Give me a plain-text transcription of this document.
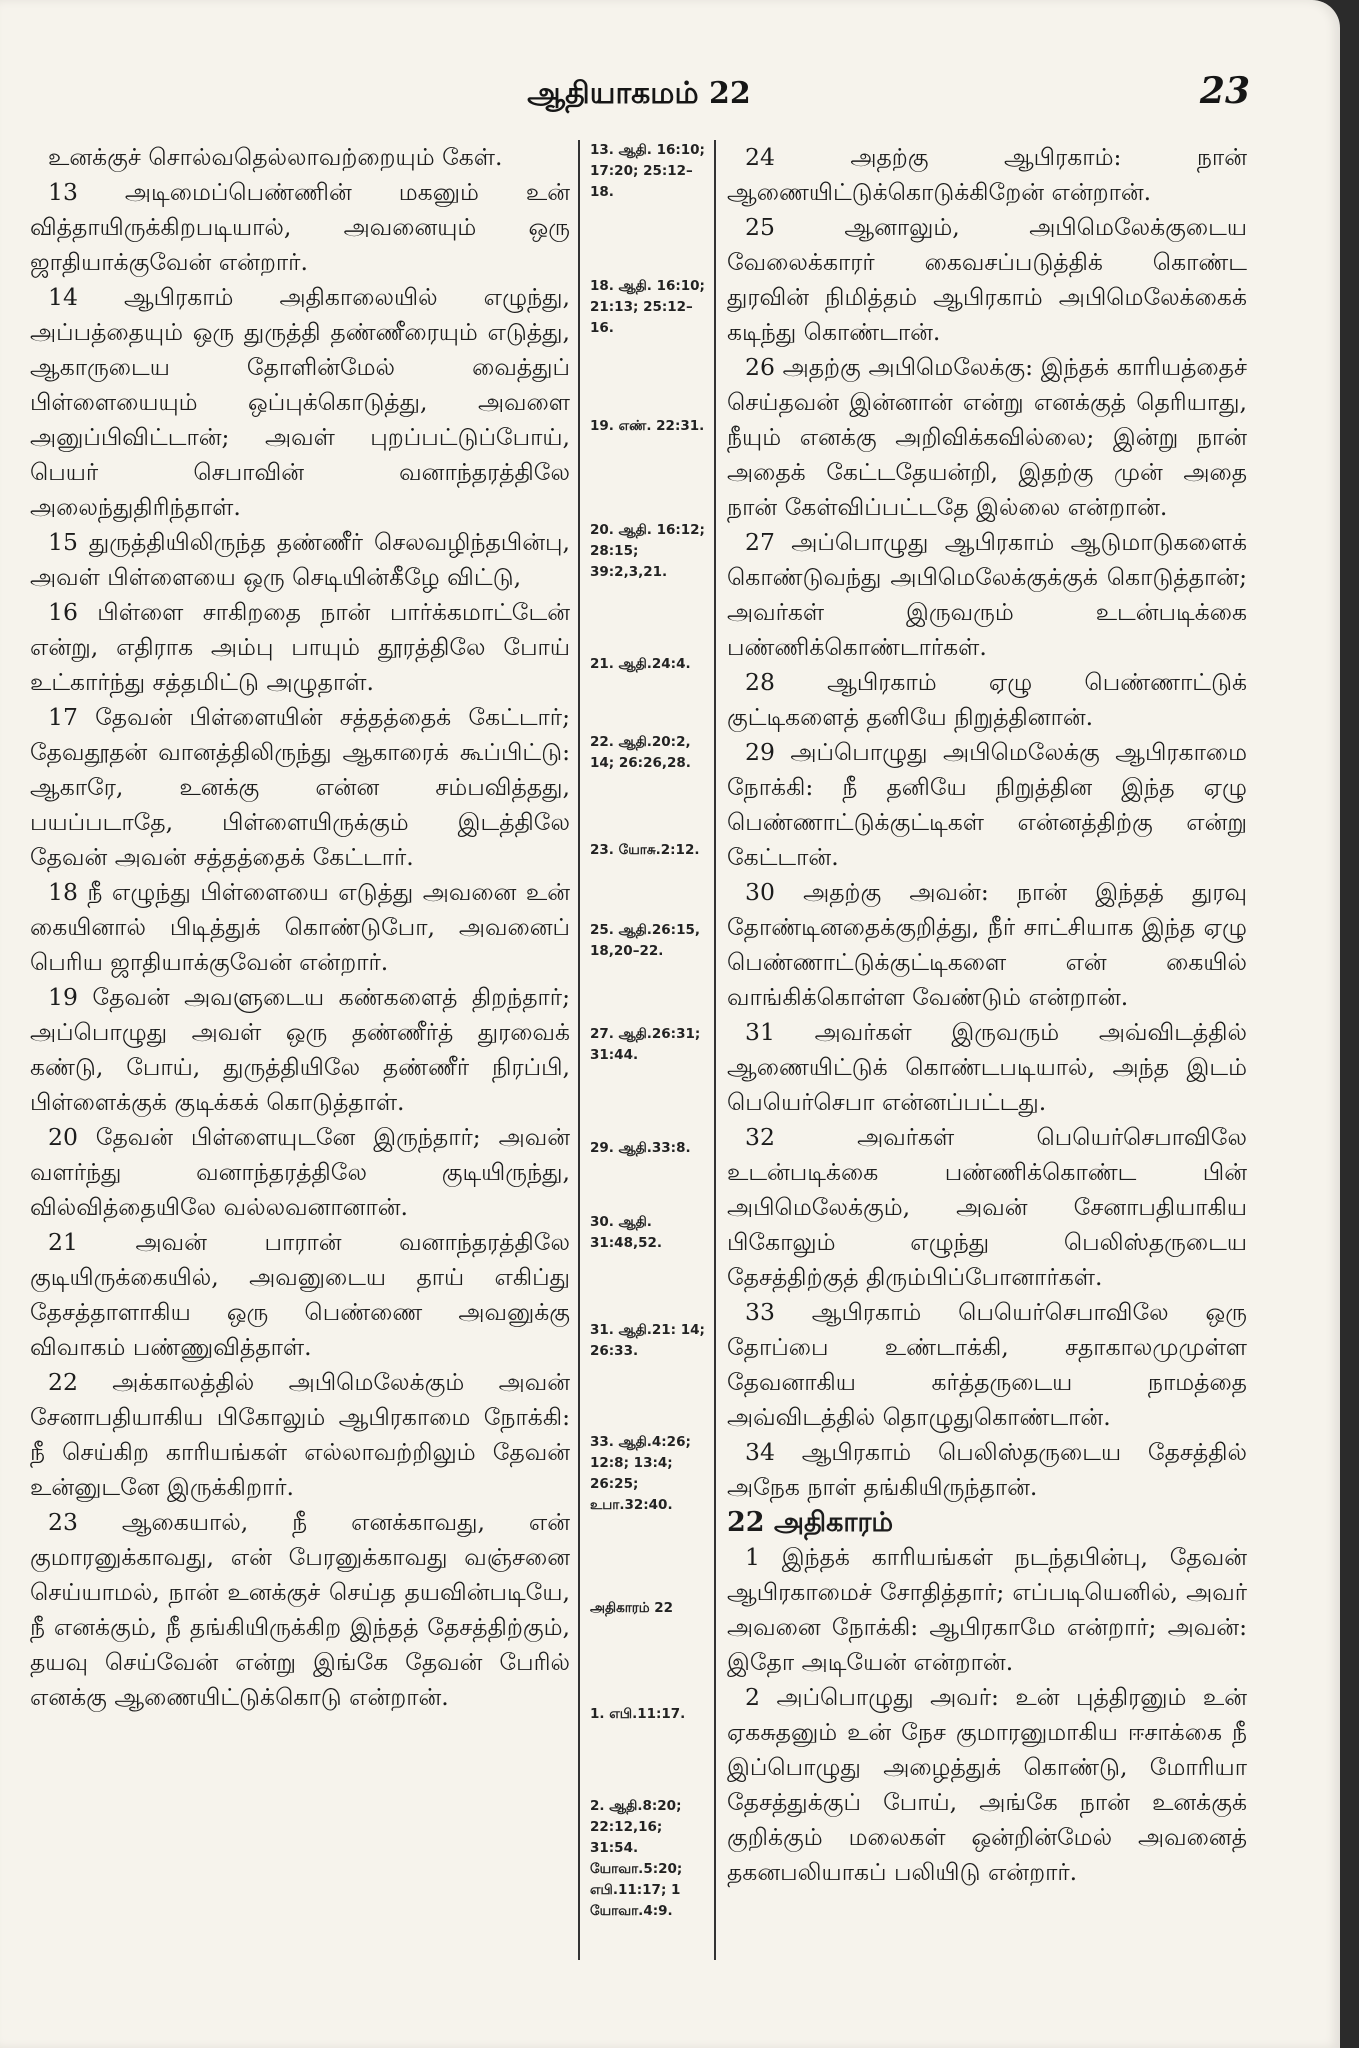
ஆதியாகமம் 22	23

உனக்குச் சொல்வதெல்லாவற்றையும் கேள்.

13 அடிமைப்பெண்ணின் மகனும் உன் வித்தாயிருக்கிறபடியால், அவனையும் ஒரு ஜாதியாக்குவேன் என்றார்.

14 ஆபிரகாம் அதிகாலையில் எழுந்து, அப்பத்தையும் ஒரு துருத்தி தண்ணீரையும் எடுத்து, ஆகாருடைய தோளின்மேல் வைத்துப் பிள்ளையையும் ஒப்புக்கொடுத்து, அவளை அனுப்பிவிட்டான்; அவள் புறப்பட்டுப்போய், பெயர் செபாவின் வனாந்தரத்திலே அலைந்துதிரிந்தாள்.

15 துருத்தியிலிருந்த தண்ணீர் செலவழிந்தபின்பு, அவள் பிள்ளையை ஒரு செடியின்கீழே விட்டு,

16 பிள்ளை சாகிறதை நான் பார்க்கமாட்டேன் என்று, எதிராக அம்பு பாயும் தூரத்திலே போய் உட்கார்ந்து சத்தமிட்டு அழுதாள்.

17 தேவன் பிள்ளையின் சத்தத்தைக் கேட்டார்; தேவதூதன் வானத்திலிருந்து ஆகாரைக் கூப்பிட்டு: ஆகாரே, உனக்கு என்ன சம்பவித்தது, பயப்படாதே, பிள்ளையிருக்கும் இடத்திலே தேவன் அவன் சத்தத்தைக் கேட்டார்.

18 நீ எழுந்து பிள்ளையை எடுத்து அவனை உன் கையினால் பிடித்துக் கொண்டுபோ, அவனைப் பெரிய ஜாதியாக்குவேன் என்றார்.

19 தேவன் அவளுடைய கண்களைத் திறந்தார்; அப்பொழுது அவள் ஒரு தண்ணீர்த் துரவைக் கண்டு, போய், துருத்தியிலே தண்ணீர் நிரப்பி, பிள்ளைக்குக் குடிக்கக் கொடுத்தாள்.

20 தேவன் பிள்ளையுடனே இருந்தார்; அவன் வளர்ந்து வனாந்தரத்திலே குடியிருந்து, வில்வித்தையிலே வல்லவனானான்.

21 அவன் பாரான் வனாந்தரத்திலே குடியிருக்கையில், அவனுடைய தாய் எகிப்து தேசத்தாளாகிய ஒரு பெண்ணை அவனுக்கு விவாகம் பண்ணுவித்தாள்.

22 அக்காலத்தில் அபிமெலேக்கும் அவன் சேனாபதியாகிய பிகோலும் ஆபிரகாமை நோக்கி: நீ செய்கிற காரியங்கள் எல்லாவற்றிலும் தேவன் உன்னுடனே இருக்கிறார்.

23 ஆகையால், நீ எனக்காவது, என் குமாரனுக்காவது, என் பேரனுக்காவது வஞ்சனை செய்யாமல், நான் உனக்குச் செய்த தயவின்படியே, நீ எனக்கும், நீ தங்கியிருக்கிற இந்தத் தேசத்திற்கும், தயவு செய்வேன் என்று இங்கே தேவன் பேரில் எனக்கு ஆணையிட்டுக்கொடு என்றான்.

13. ஆதி. 16:10; 17:20; 25:12–18.
18. ஆதி. 16:10; 21:13; 25:12–16.
19. எண். 22:31.
20. ஆதி. 16:12; 28:15; 39:2,3,21.
21. ஆதி.24:4.
22. ஆதி.20:2, 14; 26:26,28.
23. யோசு.2:12.
25. ஆதி.26:15, 18,20–22.
27. ஆதி.26:31; 31:44.
29. ஆதி.33:8.
30. ஆதி. 31:48,52.
31. ஆதி.21: 14; 26:33.
33. ஆதி.4:26; 12:8; 13:4; 26:25; உபா.32:40.
அதிகாரம் 22
1. எபி.11:17.
2. ஆதி.8:20; 22:12,16; 31:54. யோவா.5:20; எபி.11:17; 1 யோவா.4:9.

24 அதற்கு ஆபிரகாம்: நான் ஆணையிட்டுக்கொடுக்கிறேன் என்றான்.

25 ஆனாலும், அபிமெலேக்குடைய வேலைக்காரர் கைவசப்படுத்திக் கொண்ட துரவின் நிமித்தம் ஆபிரகாம் அபிமெலேக்கைக் கடிந்து கொண்டான்.

26 அதற்கு அபிமெலேக்கு: இந்தக் காரியத்தைச் செய்தவன் இன்னான் என்று எனக்குத் தெரியாது, நீயும் எனக்கு அறிவிக்கவில்லை; இன்று நான் அதைக் கேட்டதேயன்றி, இதற்கு முன் அதை நான் கேள்விப்பட்டதே இல்லை என்றான்.

27 அப்பொழுது ஆபிரகாம் ஆடுமாடுகளைக் கொண்டுவந்து அபிமெலேக்குக்குக் கொடுத்தான்; அவர்கள் இருவரும் உடன்படிக்கை பண்ணிக்கொண்டார்கள்.

28 ஆபிரகாம் ஏழு பெண்ணாட்டுக் குட்டிகளைத் தனியே நிறுத்தினான்.

29 அப்பொழுது அபிமெலேக்கு ஆபிரகாமை நோக்கி: நீ தனியே நிறுத்தின இந்த ஏழு பெண்ணாட்டுக்குட்டிகள் என்னத்திற்கு என்று கேட்டான்.

30 அதற்கு அவன்: நான் இந்தத் துரவு தோண்டினதைக்குறித்து, நீர் சாட்சியாக இந்த ஏழு பெண்ணாட்டுக்குட்டிகளை என் கையில் வாங்கிக்கொள்ள வேண்டும் என்றான்.

31 அவர்கள் இருவரும் அவ்விடத்தில் ஆணையிட்டுக் கொண்டபடியால், அந்த இடம் பெயெர்செபா என்னப்பட்டது.

32 அவர்கள் பெயெர்செபாவிலே உடன்படிக்கை பண்ணிக்கொண்ட பின் அபிமெலேக்கும், அவன் சேனாபதியாகிய பிகோலும் எழுந்து பெலிஸ்தருடைய தேசத்திற்குத் திரும்பிப்போனார்கள்.

33 ஆபிரகாம் பெயெர்செபாவிலே ஒரு தோப்பை உண்டாக்கி, சதாகாலமுமுள்ள தேவனாகிய கர்த்தருடைய நாமத்தை அவ்விடத்தில் தொழுதுகொண்டான்.

34 ஆபிரகாம் பெலிஸ்தருடைய தேசத்தில் அநேக நாள் தங்கியிருந்தான்.

22 அதிகாரம்

1 இந்தக் காரியங்கள் நடந்தபின்பு, தேவன் ஆபிரகாமைச் சோதித்தார்; எப்படியெனில், அவர் அவனை நோக்கி: ஆபிரகாமே என்றார்; அவன்: இதோ அடியேன் என்றான்.

2 அப்பொழுது அவர்: உன் புத்திரனும் உன் ஏகசுதனும் உன் நேச குமாரனுமாகிய ஈசாக்கை நீ இப்பொழுது அழைத்துக் கொண்டு, மோரியா தேசத்துக்குப் போய், அங்கே நான் உனக்குக் குறிக்கும் மலைகள் ஒன்றின்மேல் அவனைத் தகனபலியாகப் பலியிடு என்றார்.
